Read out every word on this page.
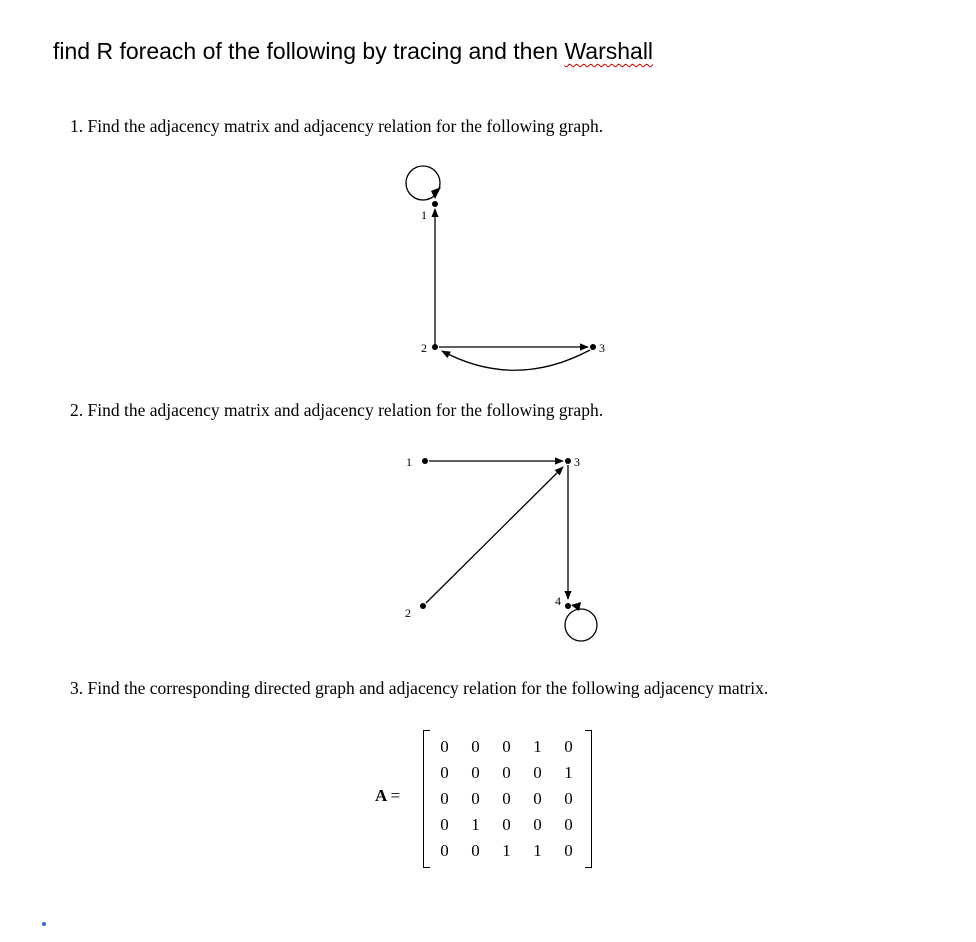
find R foreach of the following by tracing and then Warshall
1. Find the adjacency matrix and adjacency relation for the following graph.
1
2	3
2. Find the adjacency matrix and adjacency relation for the following graph.
1
2
3
4
3. Find the corresponding directed graph and adjacency relation for the following adjacency matrix.
A =
0	0	0	1	0
0	0	0	0	1
0	0	0	0	0
0	1	0	0	0
0	0	1	1	0
